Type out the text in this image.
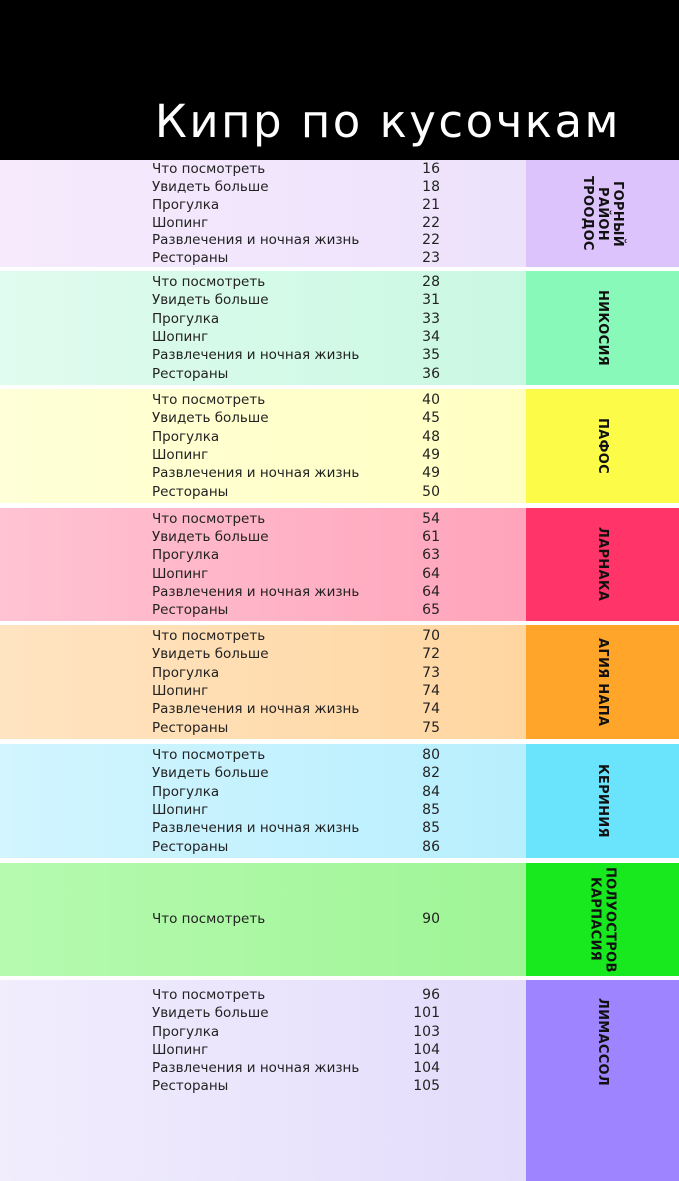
Кипр по кусочкам
Что посмотреть	16
Увидеть больше	18
Прогулка	21
Шопинг	22
Развлечения и ночная жизнь	22
Рестораны	23
ГОРНЫЙ
РАЙОН
ТРООДОС
Что посмотреть	28
Увидеть больше	31
Прогулка	33
Шопинг	34
Развлечения и ночная жизнь	35
Рестораны	36
НИКОСИЯ
Что посмотреть	40
Увидеть больше	45
Прогулка	48
Шопинг	49
Развлечения и ночная жизнь	49
Рестораны	50
ПАФОС
Что посмотреть	54
Увидеть больше	61
Прогулка	63
Шопинг	64
Развлечения и ночная жизнь	64
Рестораны	65
ЛАРНАКА
Что посмотреть	70
Увидеть больше	72
Прогулка	73
Шопинг	74
Развлечения и ночная жизнь	74
Рестораны	75
АГИЯ НАПА
Что посмотреть	80
Увидеть больше	82
Прогулка	84
Шопинг	85
Развлечения и ночная жизнь	85
Рестораны	86
КЕРИНИЯ
Что посмотреть	90	ПОЛУОСТРОВ
КАРПАСИЯ
Что посмотреть	96
Увидеть больше	101
Прогулка	103
Шопинг	104
Развлечения и ночная жизнь	104
Рестораны	105
ЛИМАССОЛ
